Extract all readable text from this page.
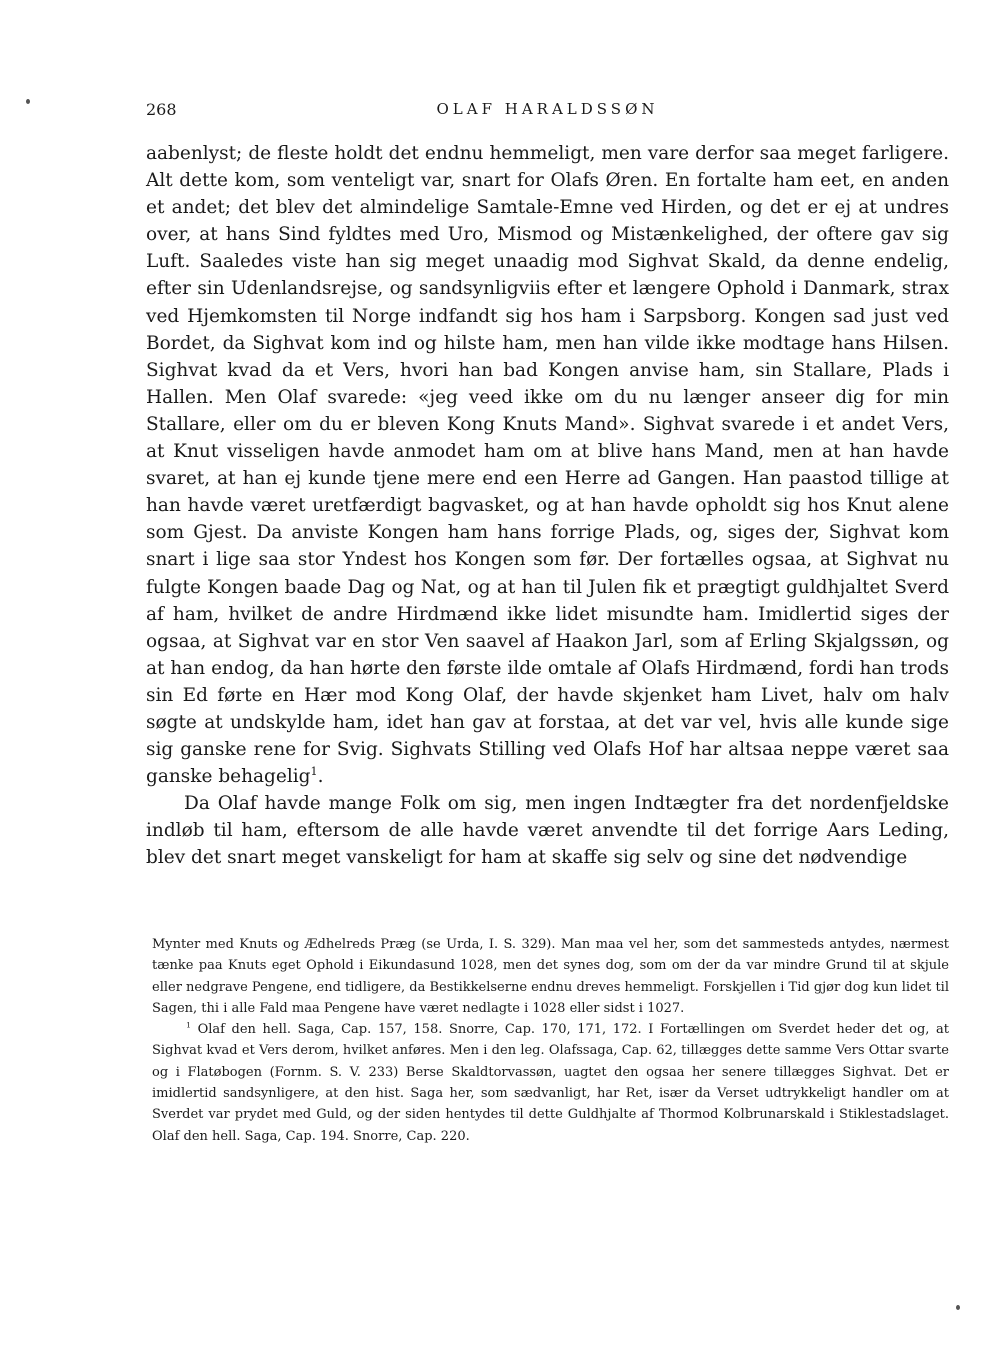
268	OLAF HARALDSSØN

aabenlyst; de fleste holdt det endnu hemmeligt, men vare derfor saa meget farligere. Alt dette kom, som venteligt var, snart for Olafs Øren. En fortalte ham eet, en anden et andet; det blev det almindelige Samtale-Emne ved Hirden, og det er ej at undres over, at hans Sind fyldtes med Uro, Mismod og Mistænkelighed, der oftere gav sig Luft. Saaledes viste han sig meget unaadig mod Sighvat Skald, da denne endelig, efter sin Udenlandsrejse, og sandsynligviis efter et længere Ophold i Danmark, strax ved Hjemkomsten til Norge indfandt sig hos ham i Sarpsborg. Kongen sad just ved Bordet, da Sighvat kom ind og hilste ham, men han vilde ikke modtage hans Hilsen. Sighvat kvad da et Vers, hvori han bad Kongen anvise ham, sin Stallare, Plads i Hallen. Men Olaf svarede: «jeg veed ikke om du nu længer anseer dig for min Stallare, eller om du er bleven Kong Knuts Mand». Sighvat svarede i et andet Vers, at Knut visseligen havde anmodet ham om at blive hans Mand, men at han havde svaret, at han ej kunde tjene mere end een Herre ad Gangen. Han paastod tillige at han havde været uretfærdigt bagvasket, og at han havde opholdt sig hos Knut alene som Gjest. Da anviste Kongen ham hans forrige Plads, og, siges der, Sighvat kom snart i lige saa stor Yndest hos Kongen som før. Der fortælles ogsaa, at Sighvat nu fulgte Kongen baade Dag og Nat, og at han til Julen fik et prægtigt guldhjaltet Sverd af ham, hvilket de andre Hirdmænd ikke lidet misundte ham. Imidlertid siges der ogsaa, at Sighvat var en stor Ven saavel af Haakon Jarl, som af Erling Skjalgssøn, og at han endog, da han hørte den første ilde omtale af Olafs Hirdmænd, fordi han trods sin Ed førte en Hær mod Kong Olaf, der havde skjenket ham Livet, halv om halv søgte at undskylde ham, idet han gav at forstaa, at det var vel, hvis alle kunde sige sig ganske rene for Svig. Sighvats Stilling ved Olafs Hof har altsaa neppe været saa ganske behagelig$^1$.

Da Olaf havde mange Folk om sig, men ingen Indtægter fra det nordenfjeldske indløb til ham, eftersom de alle havde været anvendte til det forrige Aars Leding, blev det snart meget vanskeligt for ham at skaffe sig selv og sine det nødvendige

Mynter med Knuts og Ædhelreds Præg (se Urda, I. S. 329). Man maa vel her, som det sammesteds antydes, nærmest tænke paa Knuts eget Ophold i Eikundasund 1028, men det synes dog, som om der da var mindre Grund til at skjule eller nedgrave Pengene, end tidligere, da Bestikkelserne endnu dreves hemmeligt. Forskjellen i Tid gjør dog kun lidet til Sagen, thi i alle Fald maa Pengene have været nedlagte i 1028 eller sidst i 1027.

$^1$ Olaf den hell. Saga, Cap. 157, 158. Snorre, Cap. 170, 171, 172. I Fortællingen om Sverdet heder det og, at Sighvat kvad et Vers derom, hvilket anføres. Men i den leg. Olafssaga, Cap. 62, tillægges dette samme Vers Ottar svarte og i Flatøbogen (Fornm. S. V. 233) Berse Skaldtorvassøn, uagtet den ogsaa her senere tillægges Sighvat. Det er imidlertid sandsynligere, at den hist. Saga her, som sædvanligt, har Ret, især da Verset udtrykkeligt handler om at Sverdet var prydet med Guld, og der siden hentydes til dette Guldhjalte af Thormod Kolbrunarskald i Stiklestadslaget. Olaf den hell. Saga, Cap. 194. Snorre, Cap. 220.
